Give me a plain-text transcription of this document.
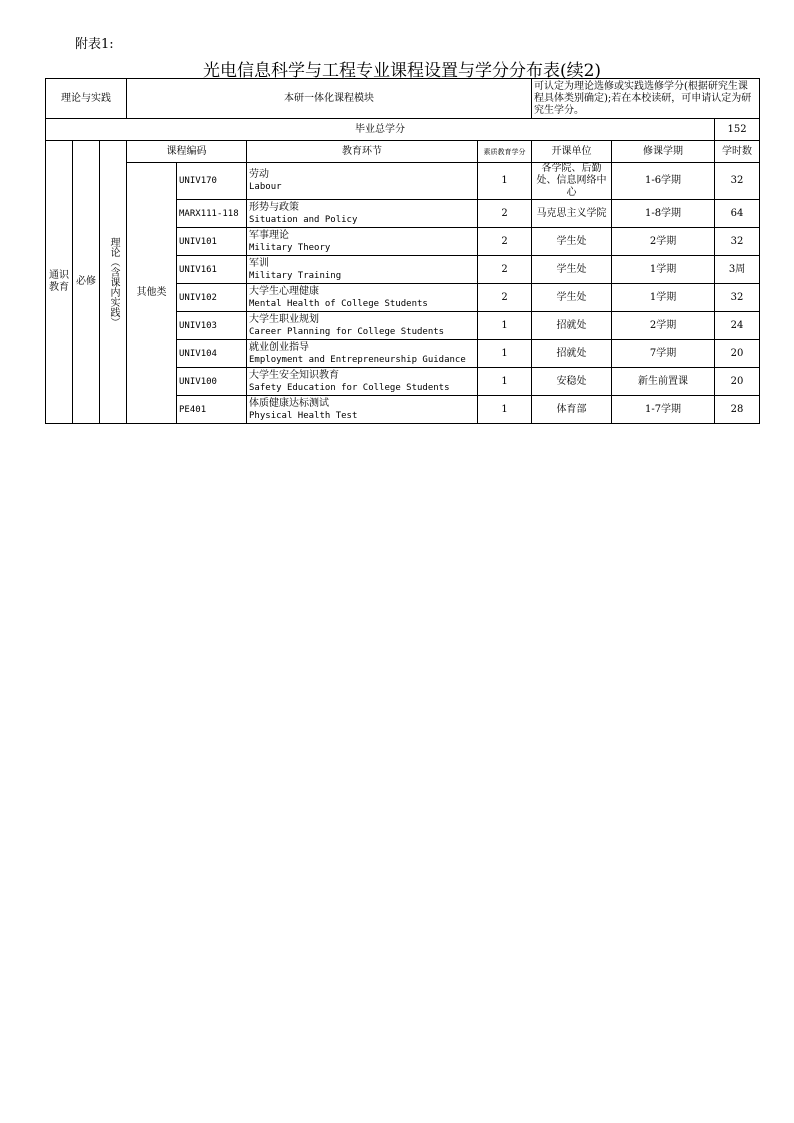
附表1:
光电信息科学与工程专业课程设置与学分分布表(续2)
理论与实践			本研一体化课程模块				可认定为理论选修或实践选修学分(根据研究生课程具体类别确定);若在本校读研，可申请认定为研究生学分。		
毕业总学分									152
通识教育	必修	理论（含课内实践）	课程编码		教育环节	素质教育学分	开课单位	修课学期	学时数
			其他类	UNIV170	劳动
Labour	1	各学院、后勤处、信息网络中心	1-6学期	32
				MARX111-118	形势与政策
Situation and Policy	2	马克思主义学院	1-8学期	64
				UNIV101	军事理论
Military Theory	2	学生处	2学期	32
				UNIV161	军训
Military Training	2	学生处	1学期	3周
				UNIV102	大学生心理健康
Mental Health of College Students	2	学生处	1学期	32
				UNIV103	大学生职业规划
Career Planning for College Students	1	招就处	2学期	24
				UNIV104	就业创业指导
Employment and Entrepreneurship Guidance	1	招就处	7学期	20
				UNIV100	大学生安全知识教育
Safety Education for College Students	1	安稳处	新生前置课	20
				PE401	体质健康达标测试
Physical Health Test	1	体育部	1-7学期	28
